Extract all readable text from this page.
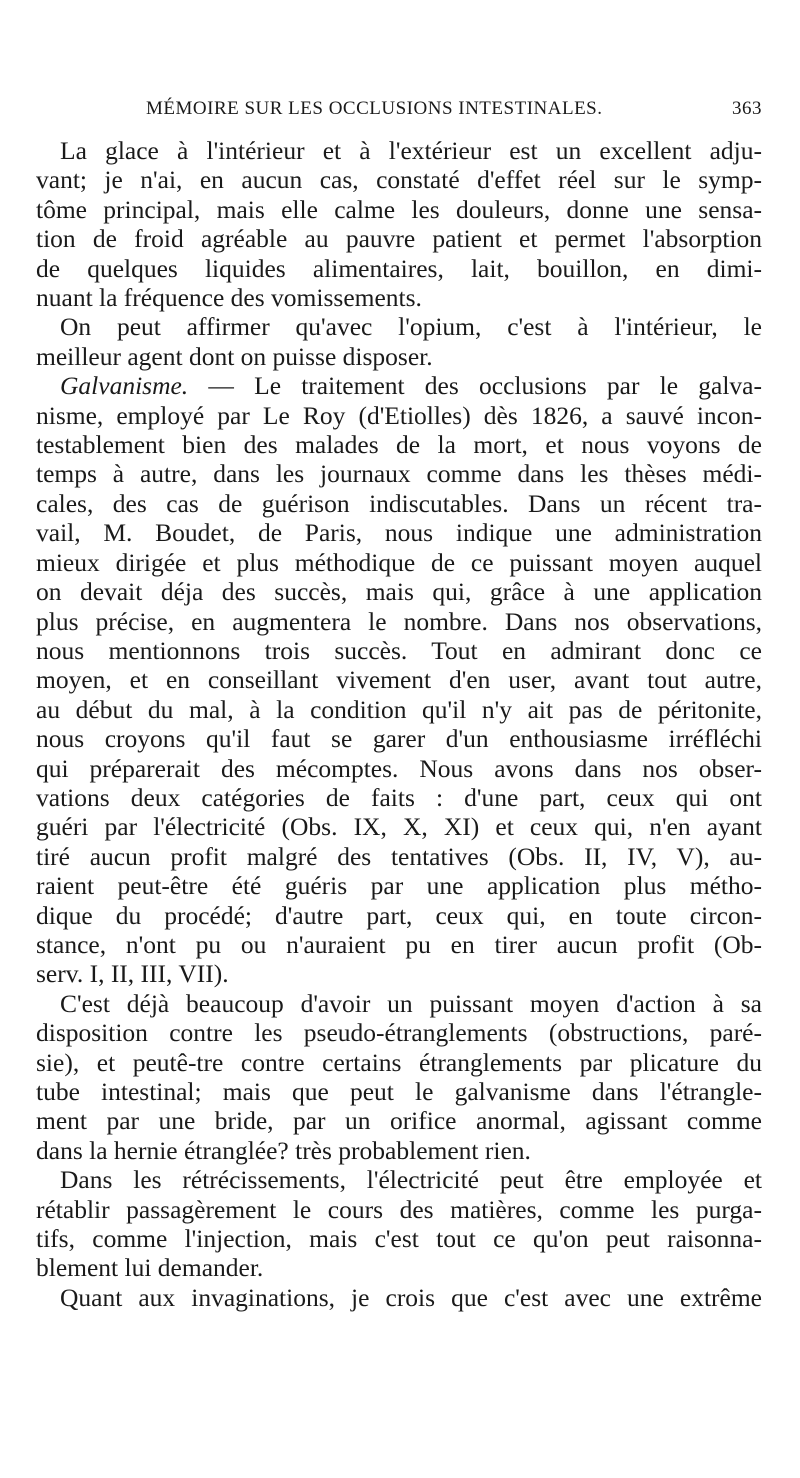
MÉMOIRE SUR LES OCCLUSIONS INTESTINALES.	363
La glace à l'intérieur et à l'extérieur est un excellent adju-
vant; je n'ai, en aucun cas, constaté d'effet réel sur le symp-
tôme principal, mais elle calme les douleurs, donne une sensa-
tion de froid agréable au pauvre patient et permet l'absorption
de quelques liquides alimentaires, lait, bouillon, en dimi-
nuant la fréquence des vomissements.
On peut affirmer qu'avec l'opium, c'est à l'intérieur, le
meilleur agent dont on puisse disposer.
Galvanisme. — Le traitement des occlusions par le galva-
nisme, employé par Le Roy (d'Etiolles) dès 1826, a sauvé incon-
testablement bien des malades de la mort, et nous voyons de
temps à autre, dans les journaux comme dans les thèses médi-
cales, des cas de guérison indiscutables. Dans un récent tra-
vail, M. Boudet, de Paris, nous indique une administration
mieux dirigée et plus méthodique de ce puissant moyen auquel
on devait déja des succès, mais qui, grâce à une application
plus précise, en augmentera le nombre. Dans nos observations,
nous mentionnons trois succès. Tout en admirant donc ce
moyen, et en conseillant vivement d'en user, avant tout autre,
au début du mal, à la condition qu'il n'y ait pas de péritonite,
nous croyons qu'il faut se garer d'un enthousiasme irréfléchi
qui préparerait des mécomptes. Nous avons dans nos obser-
vations deux catégories de faits : d'une part, ceux qui ont
guéri par l'électricité (Obs. IX, X, XI) et ceux qui, n'en ayant
tiré aucun profit malgré des tentatives (Obs. II, IV, V), au-
raient peut-être été guéris par une application plus métho-
dique du procédé; d'autre part, ceux qui, en toute circon-
stance, n'ont pu ou n'auraient pu en tirer aucun profit (Ob-
serv. I, II, III, VII).
C'est déjà beaucoup d'avoir un puissant moyen d'action à sa
disposition contre les pseudo-étranglements (obstructions, paré-
sie), et peutê-tre contre certains étranglements par plicature du
tube intestinal; mais que peut le galvanisme dans l'étrangle-
ment par une bride, par un orifice anormal, agissant comme
dans la hernie étranglée? très probablement rien.
Dans les rétrécissements, l'électricité peut être employée et
rétablir passagèrement le cours des matières, comme les purga-
tifs, comme l'injection, mais c'est tout ce qu'on peut raisonna-
blement lui demander.
Quant aux invaginations, je crois que c'est avec une extrême
